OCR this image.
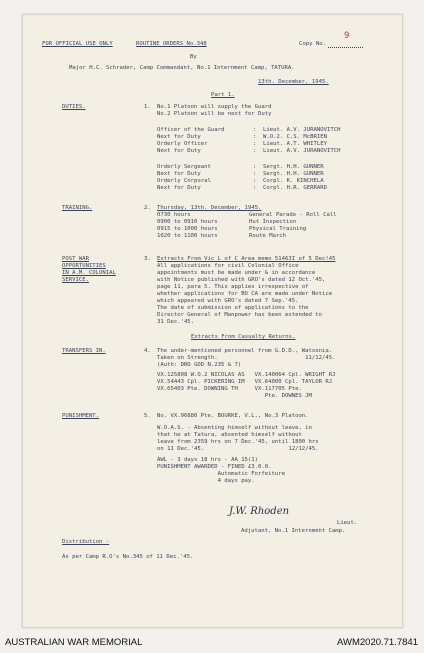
FOR OFFICIAL USE ONLY	ROUTINE ORDERS No.348	Copy No.
9
By
Major H.C. Schrader, Camp Commandant, No.1 Internment Camp, TATURA.
13th. December, 1945.
Part 1.
DUTIES.	1. No.1 Platoon will supply the Guard
No.2 Platoon will be next for Duty
Officer of the Guard	: Lieut. A.V. JURANOVITCH
Next for Duty	: W.O.2. C.S. McBRIEN
Orderly Officer	: Lieut. A.T. WHITLEY
Next for Duty	: Lieut. A.V. JURANOVITCH
Orderly Sergeant	: Sergt. H.H. GUNNER
Next for Duty	: Sergt. H.H. GUNNER
Orderly Corporal	: Corpl. K. KINCHELA
Next for Duty	: Corpl. H.R. GERRARD
TRAINING.	2. Thursday, 13th. December, 1945.
0730 hours	General Parade - Roll Call
0900 to 0910 hours	Hut Inspection
0915 to 1000 hours	Physical Training
1020 to 1100 hours	Route March
POST WAR
OPPORTUNITIES
IN A.M. COLONIAL
SERVICE.
3. Extracts From Vic L of C Area memo 51463I of 5 Dec!45
All applications for civil Colonial Office
appointments must be made under & in accordance
with Notice published with GRO's dated 12 Oct.'45,
page 11, para 5. This applies irrespective of
whether applications for BO CA are made under Notice
which appeared with GRO's dated 7 Sep.'45.
The date of submission of applications to the
Director General of Manpower has been extended to
31 Dec.'45.
Extracts From Casualty Returns.
TRANSFERS IN.	4. The under-mentioned personnel from G.D.D., Watsonia.
Taken on Strength.                          11/12/45.
(Auth: DRO GDD N.235 & 7)
VX.125808 W.O.2 NICOLAS AS   VX.140064 Cpl. WRIGHT RJ
VX.54443 Cpl. PICKERING IM   VX.64000 Cpl. TAYLOR RJ
VX.65403 Pte. DOWNING TH     VX.117705 Pte.
Pte. DOWNES JM
PUNISHMENT.	5. No. VX.96880 Pte. BOURKE, V.L., No.3 Platoon.
W.O.A.S. - Absenting himself without leave, in
that he at Tatura, absented himself without
leave from 2359 hrs on 7 Dec.'45, until 1800 hrs
on 11 Dec.'45.                         12/12/45.
AWL - 3 days 18 hrs - AA 15(1)
PUNISHMENT AWARDED - FINED £3.0.0.
Automatic Forfeiture
4 days pay.
J.W. Rhoden
Lieut.
Adjutant, No.1 Internment Camp.
Distribution -
As per Camp R.O's No.345 of 11 Dec.'45.
AUSTRALIAN WAR MEMORIAL	AWM2020.71.7841
